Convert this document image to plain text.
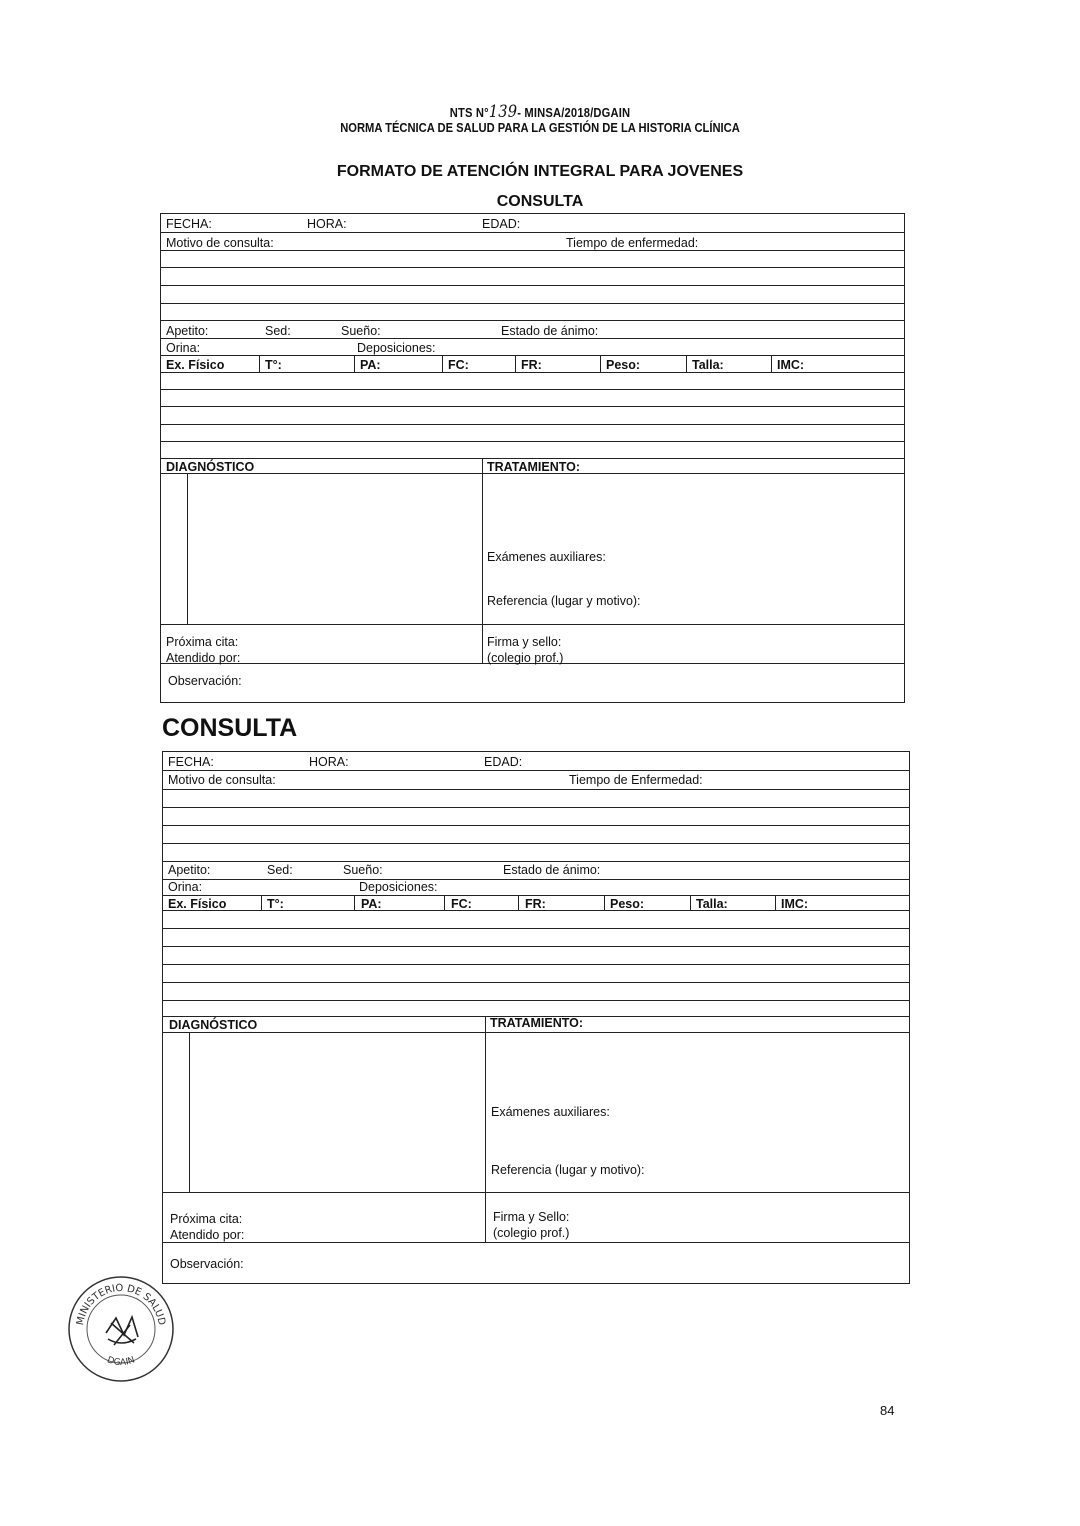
NTS N°139- MINSA/2018/DGAIN
NORMA TÉCNICA DE SALUD PARA LA GESTIÓN DE LA HISTORIA CLÍNICA
FORMATO DE ATENCIÓN INTEGRAL PARA JOVENES
CONSULTA
FECHA:	HORA:	EDAD:
Motivo de consulta:	Tiempo de enfermedad:
Apetito:	Sed:	Sueño:	Estado de ánimo:
Orina:	Deposiciones:
Ex. Físico	T°:	PA:	FC:	FR:	Peso:	Talla:	IMC:
DIAGNÓSTICO	TRATAMIENTO:
Exámenes auxiliares:
Referencia (lugar y motivo):
Próxima cita:
Atendido por:
Firma y sello:
(colegio prof.)
Observación:
CONSULTA
FECHA:	HORA:	EDAD:
Motivo de consulta:	Tiempo de Enfermedad:
Apetito:	Sed:	Sueño:	Estado de ánimo:
Orina:	Deposiciones:
Ex. Físico	T°:	PA:	FC:	FR:	Peso:	Talla:	IMC:
DIAGNÓSTICO	TRATAMIENTO:
Exámenes auxiliares:
Referencia (lugar y motivo):
Próxima cita:
Atendido por:
Firma y Sello:
(colegio prof.)
Observación:
MINISTERIO DE SALUD
DGAIN
84
